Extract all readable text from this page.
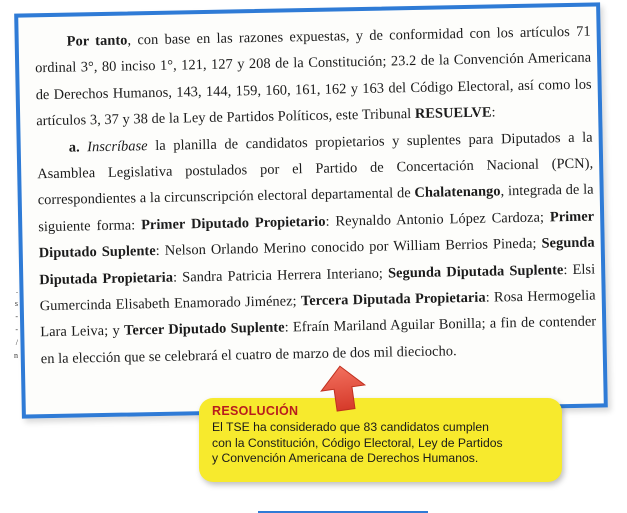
.
s
-
-
/
n

Por tanto, con base en las razones expuestas, y de conformidad con los artículos 71 ordinal 3°, 80 inciso 1°, 121, 127 y 208 de la Constitución; 23.2 de la Convención Americana de Derechos Humanos, 143, 144, 159, 160, 161, 162 y 163 del Código Electoral, así como los artículos 3, 37 y 38 de la Ley de Partidos Políticos, este Tribunal RESUELVE:

a. Inscríbase la planilla de candidatos propietarios y suplentes para Diputados a la Asamblea Legislativa postulados por el Partido de Concertación Nacional (PCN), correspondientes a la circunscripción electoral departamental de Chalatenango, integrada de la siguiente forma: Primer Diputado Propietario: Reynaldo Antonio López Cardoza; Primer Diputado Suplente: Nelson Orlando Merino conocido por William Berrios Pineda; Segunda Diputada Propietaria: Sandra Patricia Herrera Interiano; Segunda Diputada Suplente: Elsi Gumercinda Elisabeth Enamorado Jiménez; Tercera Diputada Propietaria: Rosa Hermogelia Lara Leiva; y Tercer Diputado Suplente: Efraín Mariland Aguilar Bonilla; a fin de contender en la elección que se celebrará el cuatro de marzo de dos mil dieciocho.

RESOLUCIÓN
El TSE ha considerado que 83 candidatos cumplen
con la Constitución, Código Electoral, Ley de Partidos
y Convención Americana de Derechos Humanos.
